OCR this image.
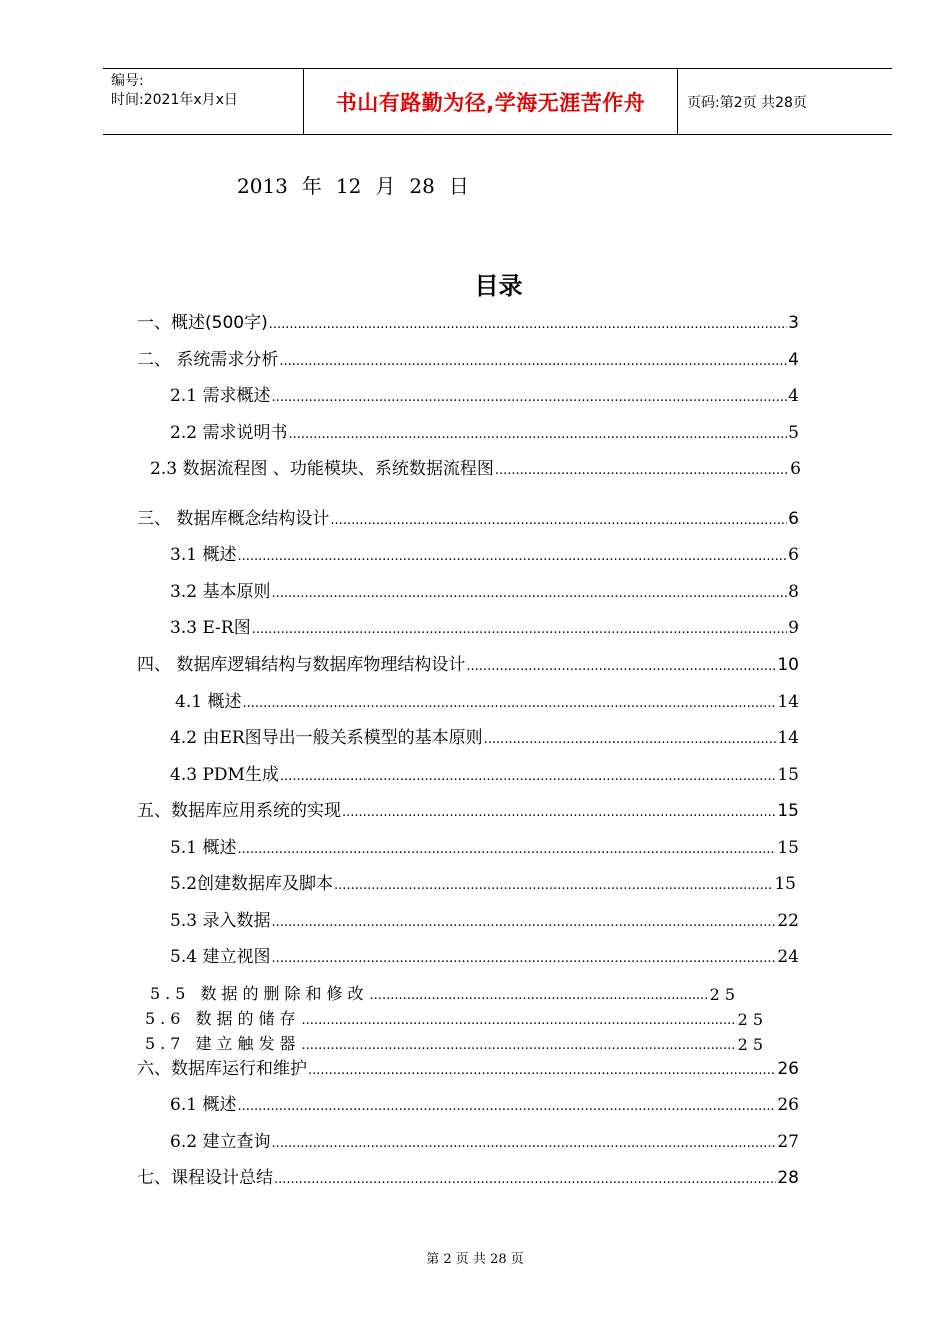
编号:
时间:2021年x月x日	书山有路勤为径,学海无涯苦作舟	页码:第2页 共28页
2013 年 12 月 28 日
目录
一、概述(500字) .....	3
二、 系统需求分析 .....	4
2.1 需求概述 .....	4
2.2 需求说明书 .....	5
2.3 数据流程图 、功能模块、系统数据流程图 .....	6
三、 数据库概念结构设计 .....	6
3.1 概述 .....	6
3.2 基本原则 .....	8
3.3 E-R图 .....	9
四、 数据库逻辑结构与数据库物理结构设计 .....	10
4.1 概述 .....	14
4.2 由ER图导出一般关系模型的基本原则 .....	14
4.3 PDM生成 .....	15
五、数据库应用系统的实现 .....	15
5.1 概述 .....	15
5.2创建数据库及脚本 .....	15
5.3 录入数据 .....	22
5.4 建立视图 .....	24
5.5 数据的删除和修改 .....	25
5.6 数据的储存 .....	25
5.7 建立触发器 .....	25
六、数据库运行和维护 .....	26
6.1 概述 .....	26
6.2 建立查询 .....	27
七、课程设计总结 .....	28
第 2 页 共 28 页
